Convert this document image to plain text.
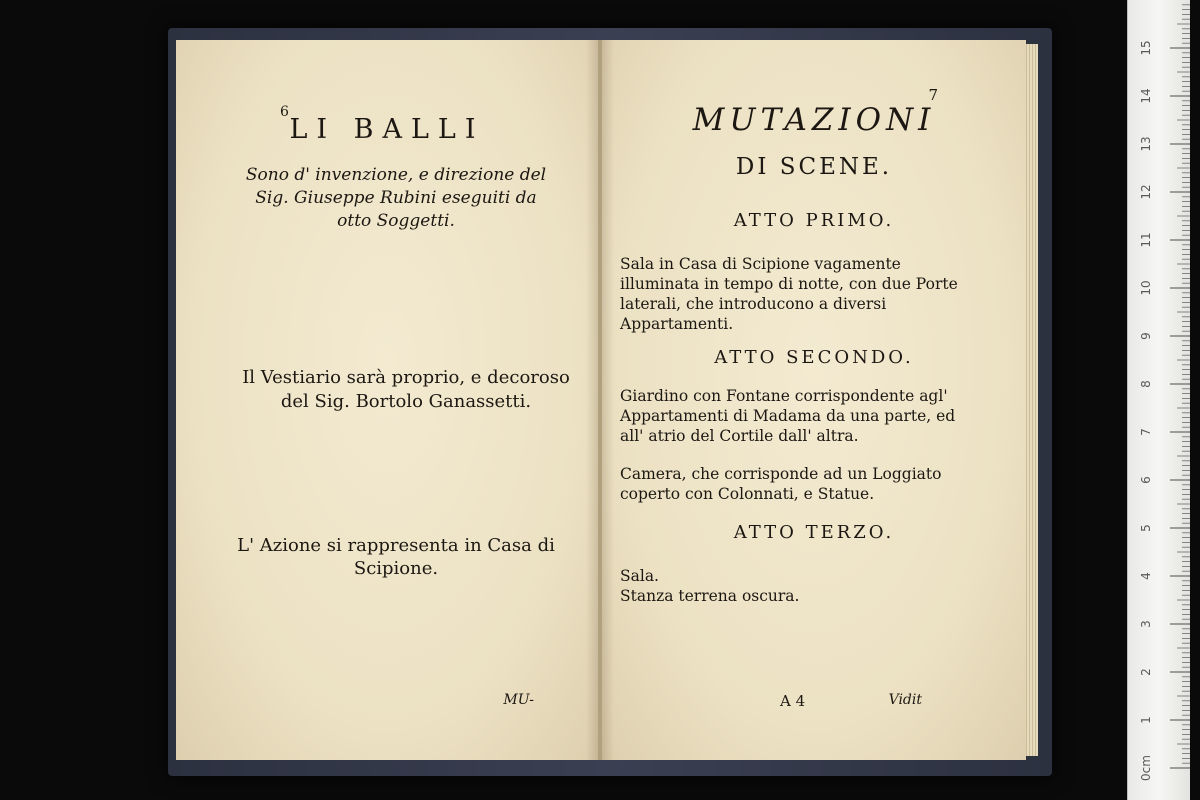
6

LI BALLI

Sono d' invenzione, e direzione del Sig. Giuseppe Rubini eseguiti da otto Soggetti.

Il Vestiario sarà proprio, e decoroso del Sig. Bortolo Ganassetti.

L' Azione si rappresenta in Casa di Scipione.

MU-

7

MUTAZIONI

DI SCENE.

ATTO PRIMO.

Sala in Casa di Scipione vagamente illuminata in tempo di notte, con due Porte laterali, che introducono a diversi Appartamenti.

ATTO SECONDO.

Giardino con Fontane corrispondente agl' Appartamenti di Madama da una parte, ed all' atrio del Cortile dall' altra.

Camera, che corrisponde ad un Loggiato coperto con Colonnati, e Statue.

ATTO TERZO.

Sala.

Stanza terrena oscura.

A 4	Vidit

0cm
1
2
3
4
5
6
7
8
9
10
11
12
13
14
15
